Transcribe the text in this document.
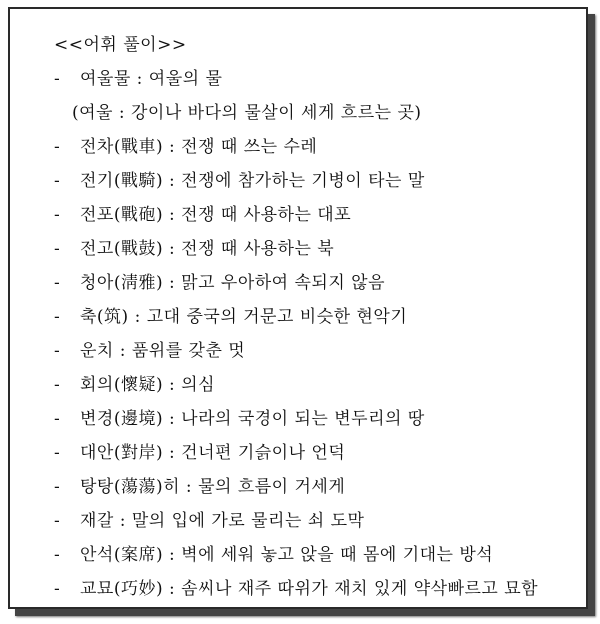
<<어휘 풀이>>
- 여울물 : 여울의 물
(여울 : 강이나 바다의 물살이 세게 흐르는 곳)
- 전차(戰車) : 전쟁 때 쓰는 수레
- 전기(戰騎) : 전쟁에 참가하는 기병이 타는 말
- 전포(戰砲) : 전쟁 때 사용하는 대포
- 전고(戰鼓) : 전쟁 때 사용하는 북
- 청아(淸雅) : 맑고 우아하여 속되지 않음
- 축(筑) : 고대 중국의 거문고 비슷한 현악기
- 운치 : 품위를 갖춘 멋
- 회의(懷疑) : 의심
- 변경(邊境) : 나라의 국경이 되는 변두리의 땅
- 대안(對岸) : 건너편 기슭이나 언덕
- 탕탕(蕩蕩)히 : 물의 흐름이 거세게
- 재갈 : 말의 입에 가로 물리는 쇠 도막
- 안석(案席) : 벽에 세워 놓고 앉을 때 몸에 기대는 방석
- 교묘(巧妙) : 솜씨나 재주 따위가 재치 있게 약삭빠르고 묘함
